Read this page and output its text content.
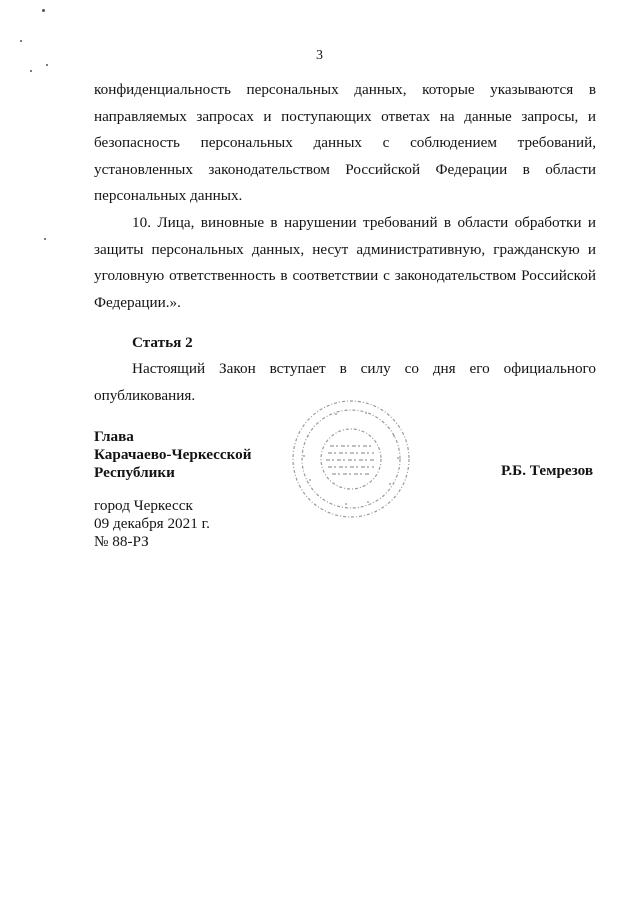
3

конфиденциальность персональных данных, которые указываются в направляемых запросах и поступающих ответах на данные запросы, и безопасность персональных данных с соблюдением требований, установленных законодательством Российской Федерации в области персональных данных.

10. Лица, виновные в нарушении требований в области обработки и защиты персональных данных, несут административную, гражданскую и уголовную ответственность в соответствии с законодательством Российской Федерации.».

Статья 2

Настоящий Закон вступает в силу со дня его официального опубликования.

Глава
Карачаево-Черкесской
Республики	Р.Б. Темрезов
город Черкесск
09 декабря 2021 г.
№ 88-РЗ
